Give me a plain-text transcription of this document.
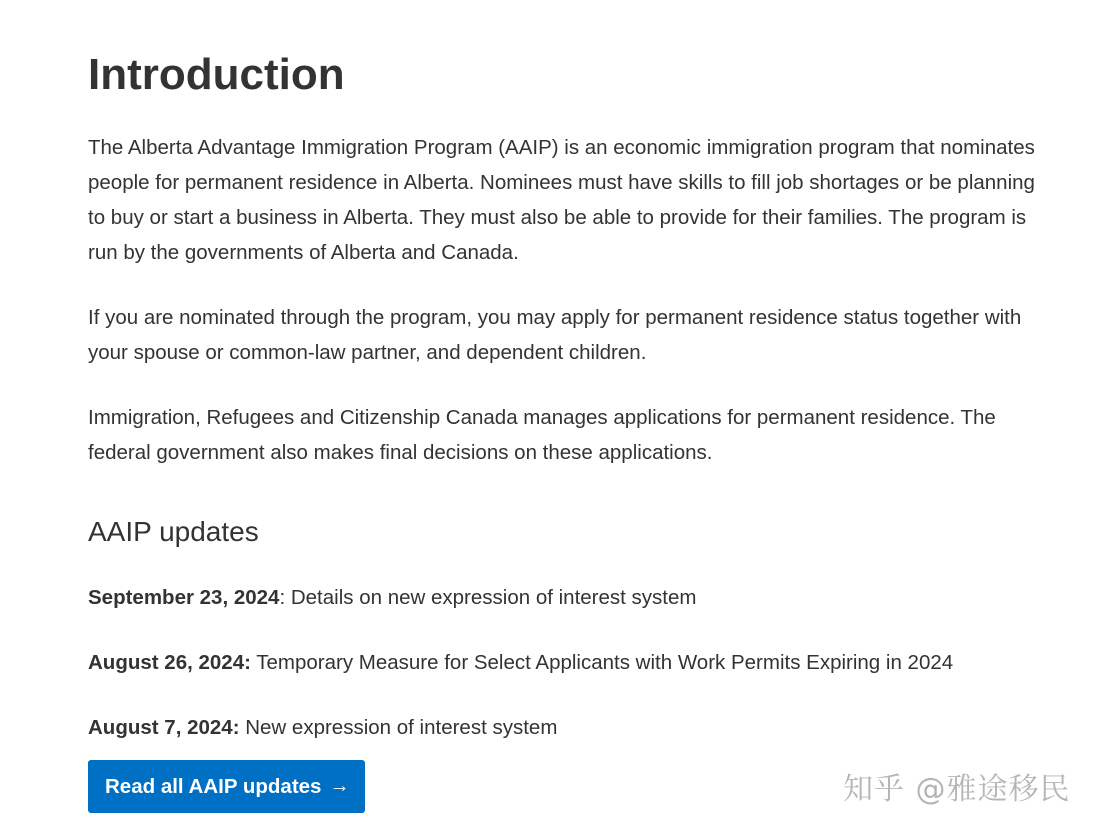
Introduction

The Alberta Advantage Immigration Program (AAIP) is an economic immigration program that nominates people for permanent residence in Alberta. Nominees must have skills to fill job shortages or be planning to buy or start a business in Alberta. They must also be able to provide for their families. The program is run by the governments of Alberta and Canada.

If you are nominated through the program, you may apply for permanent residence status together with your spouse or common-law partner, and dependent children.

Immigration, Refugees and Citizenship Canada manages applications for permanent residence. The federal government also makes final decisions on these applications.

AAIP updates

September 23, 2024: Details on new expression of interest system

August 26, 2024: Temporary Measure for Select Applicants with Work Permits Expiring in 2024

August 7, 2024: New expression of interest system

Read all AAIP updates →	知乎 @雅途移民
